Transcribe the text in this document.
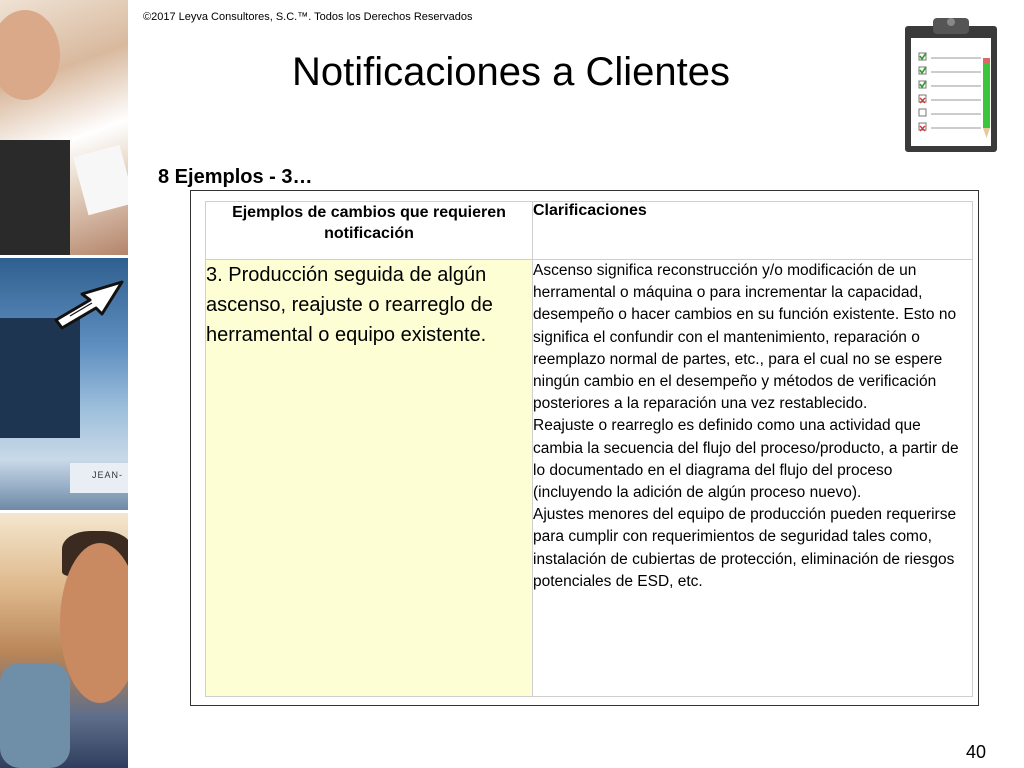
JEAN-
©2017 Leyva Consultores, S.C.™. Todos los Derechos Reservados
Notificaciones a Clientes
8 Ejemplos - 3…
Ejemplos de cambios que requieren notificación	Clarificaciones
3. Producción seguida de algún ascenso, reajuste o rearreglo de herramental o equipo existente.	Ascenso significa reconstrucción y/o modificación de un herramental o máquina o para incrementar la capacidad, desempeño o hacer cambios en su función existente. Esto no significa el confundir con el mantenimiento, reparación o reemplazo normal de partes, etc., para el cual no se espere ningún cambio en el desempeño y métodos de verificación posteriores a la reparación una vez restablecido.

Reajuste o rearreglo es definido como una actividad que cambia la secuencia del flujo del proceso/producto, a partir de lo documentado en el diagrama del flujo del proceso (incluyendo la adición de algún proceso nuevo).

Ajustes menores del equipo de producción pueden requerirse para cumplir con requerimientos de seguridad tales como, instalación de cubiertas de protección, eliminación de riesgos potenciales de ESD, etc.

40
